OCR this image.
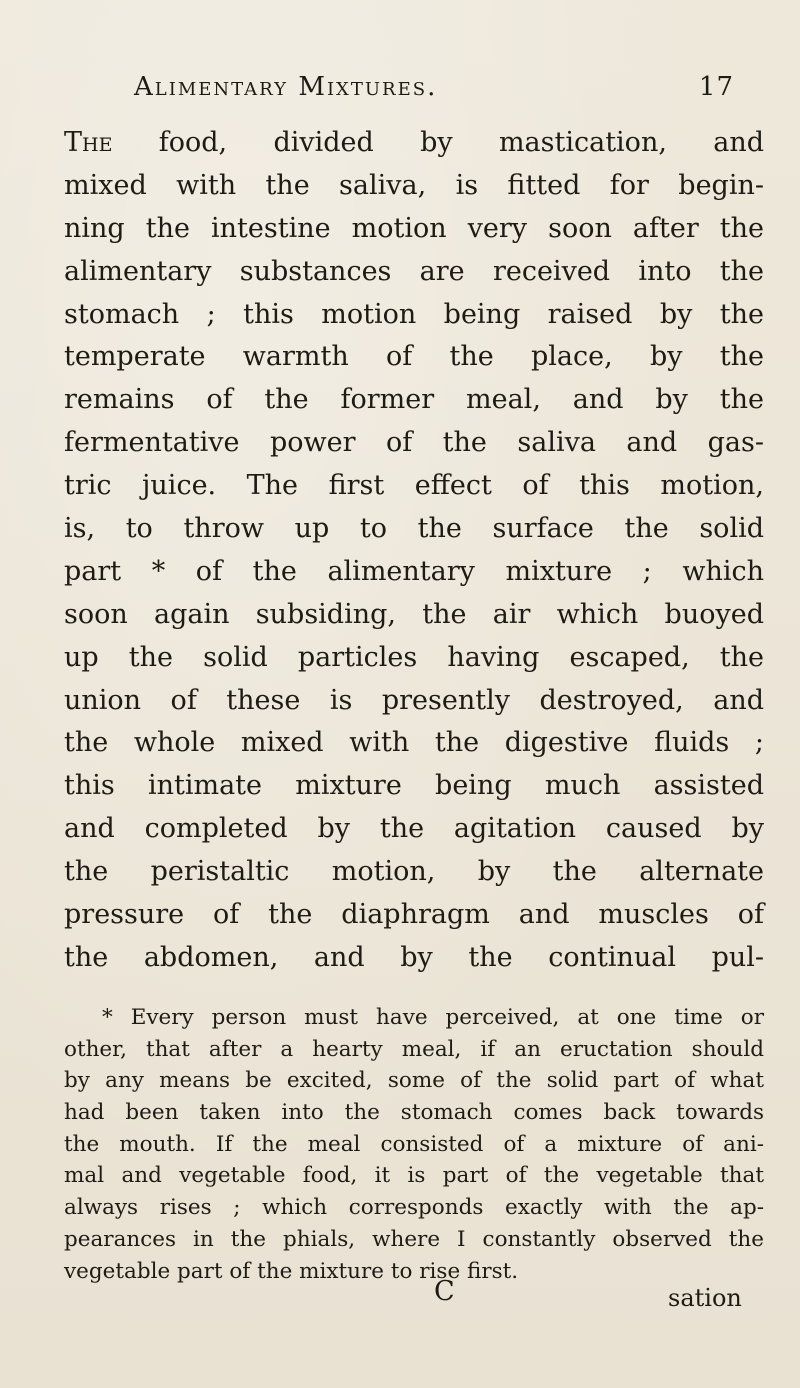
Alimentary Mixtures.	17
The food, divided by mastication, and
mixed with the saliva, is fitted for begin-
ning the intestine motion very soon after the
alimentary substances are received into the
stomach ; this motion being raised by the
temperate warmth of the place, by the
remains of the former meal, and by the
fermentative power of the saliva and gas-
tric juice. The first effect of this motion,
is, to throw up to the surface the solid
part * of the alimentary mixture ; which
soon again subsiding, the air which buoyed
up the solid particles having escaped, the
union of these is presently destroyed, and
the whole mixed with the digestive fluids ;
this intimate mixture being much assisted
and completed by the agitation caused by
the peristaltic motion, by the alternate
pressure of the diaphragm and muscles of
the abdomen, and by the continual pul-
* Every person must have perceived, at one time or
other, that after a hearty meal, if an eructation should
by any means be excited, some of the solid part of what
had been taken into the stomach comes back towards
the mouth. If the meal consisted of a mixture of ani-
mal and vegetable food, it is part of the vegetable that
always rises ; which corresponds exactly with the ap-
pearances in the phials, where I constantly observed the
vegetable part of the mixture to rise first.
C	sation
